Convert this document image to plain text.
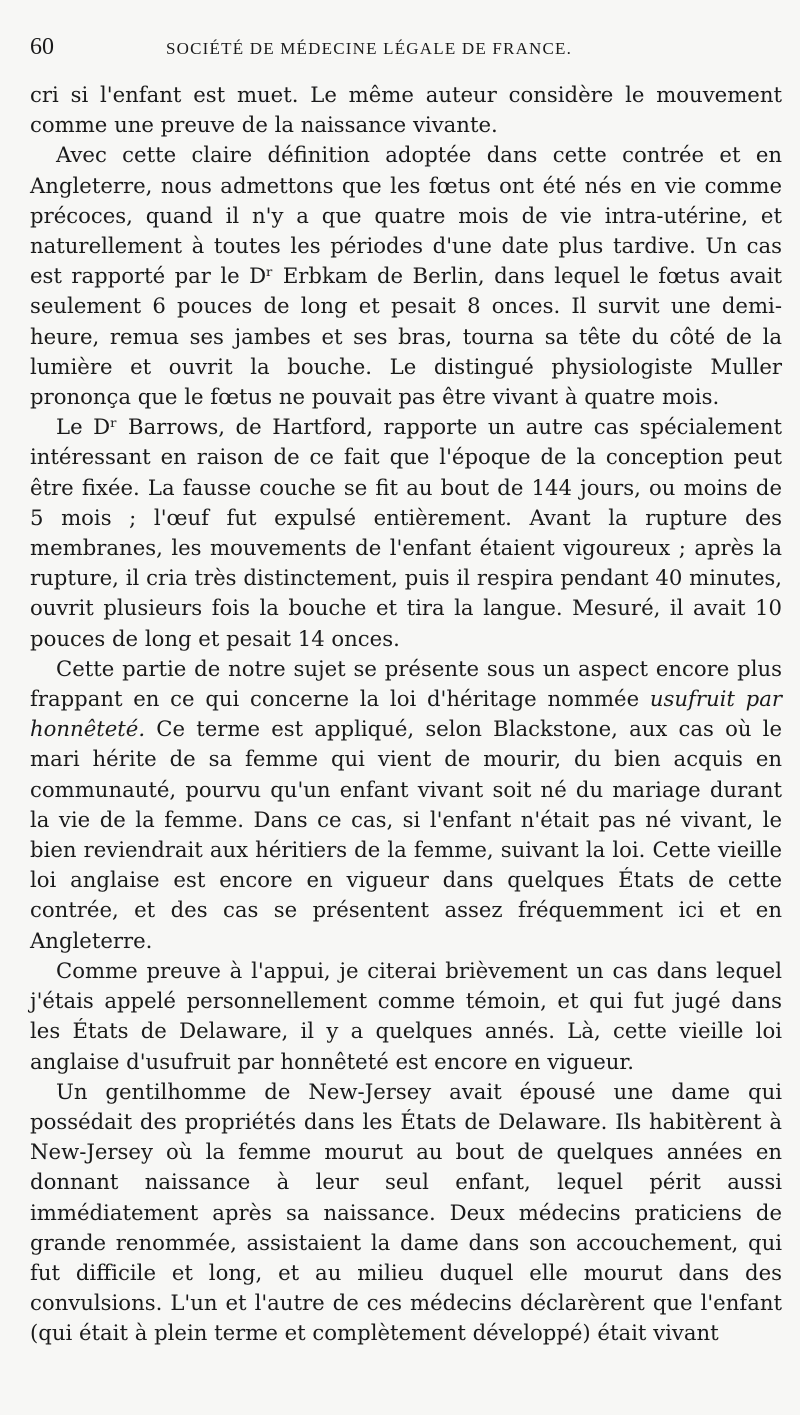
60	SOCIÉTÉ DE MÉDECINE LÉGALE DE FRANCE.

cri si l'enfant est muet. Le même auteur considère le mouvement comme une preuve de la naissance vivante.

Avec cette claire définition adoptée dans cette contrée et en Angleterre, nous admettons que les fœtus ont été nés en vie comme précoces, quand il n'y a que quatre mois de vie intra-utérine, et naturellement à toutes les périodes d'une date plus tardive. Un cas est rapporté par le Dʳ Erbkam de Berlin, dans lequel le fœtus avait seulement 6 pouces de long et pesait 8 onces. Il survit une demi-heure, remua ses jambes et ses bras, tourna sa tête du côté de la lumière et ouvrit la bouche. Le distingué physiologiste Muller prononça que le fœtus ne pouvait pas être vivant à quatre mois.

Le Dʳ Barrows, de Hartford, rapporte un autre cas spécialement intéressant en raison de ce fait que l'époque de la conception peut être fixée. La fausse couche se fit au bout de 144 jours, ou moins de 5 mois ; l'œuf fut expulsé entièrement. Avant la rupture des membranes, les mouvements de l'enfant étaient vigoureux ; après la rupture, il cria très distinctement, puis il respira pendant 40 minutes, ouvrit plusieurs fois la bouche et tira la langue. Mesuré, il avait 10 pouces de long et pesait 14 onces.

Cette partie de notre sujet se présente sous un aspect encore plus frappant en ce qui concerne la loi d'héritage nommée usufruit par honnêteté. Ce terme est appliqué, selon Blackstone, aux cas où le mari hérite de sa femme qui vient de mourir, du bien acquis en communauté, pourvu qu'un enfant vivant soit né du mariage durant la vie de la femme. Dans ce cas, si l'enfant n'était pas né vivant, le bien reviendrait aux héritiers de la femme, suivant la loi. Cette vieille loi anglaise est encore en vigueur dans quelques États de cette contrée, et des cas se présentent assez fréquemment ici et en Angleterre.

Comme preuve à l'appui, je citerai brièvement un cas dans lequel j'étais appelé personnellement comme témoin, et qui fut jugé dans les États de Delaware, il y a quelques annés. Là, cette vieille loi anglaise d'usufruit par honnêteté est encore en vigueur.

Un gentilhomme de New-Jersey avait épousé une dame qui possédait des propriétés dans les États de Delaware. Ils habitèrent à New-Jersey où la femme mourut au bout de quelques années en donnant naissance à leur seul enfant, lequel périt aussi immédiatement après sa naissance. Deux médecins praticiens de grande renommée, assistaient la dame dans son accouchement, qui fut difficile et long, et au milieu duquel elle mourut dans des convulsions. L'un et l'autre de ces médecins déclarèrent que l'enfant (qui était à plein terme et complètement développé) était vivant
